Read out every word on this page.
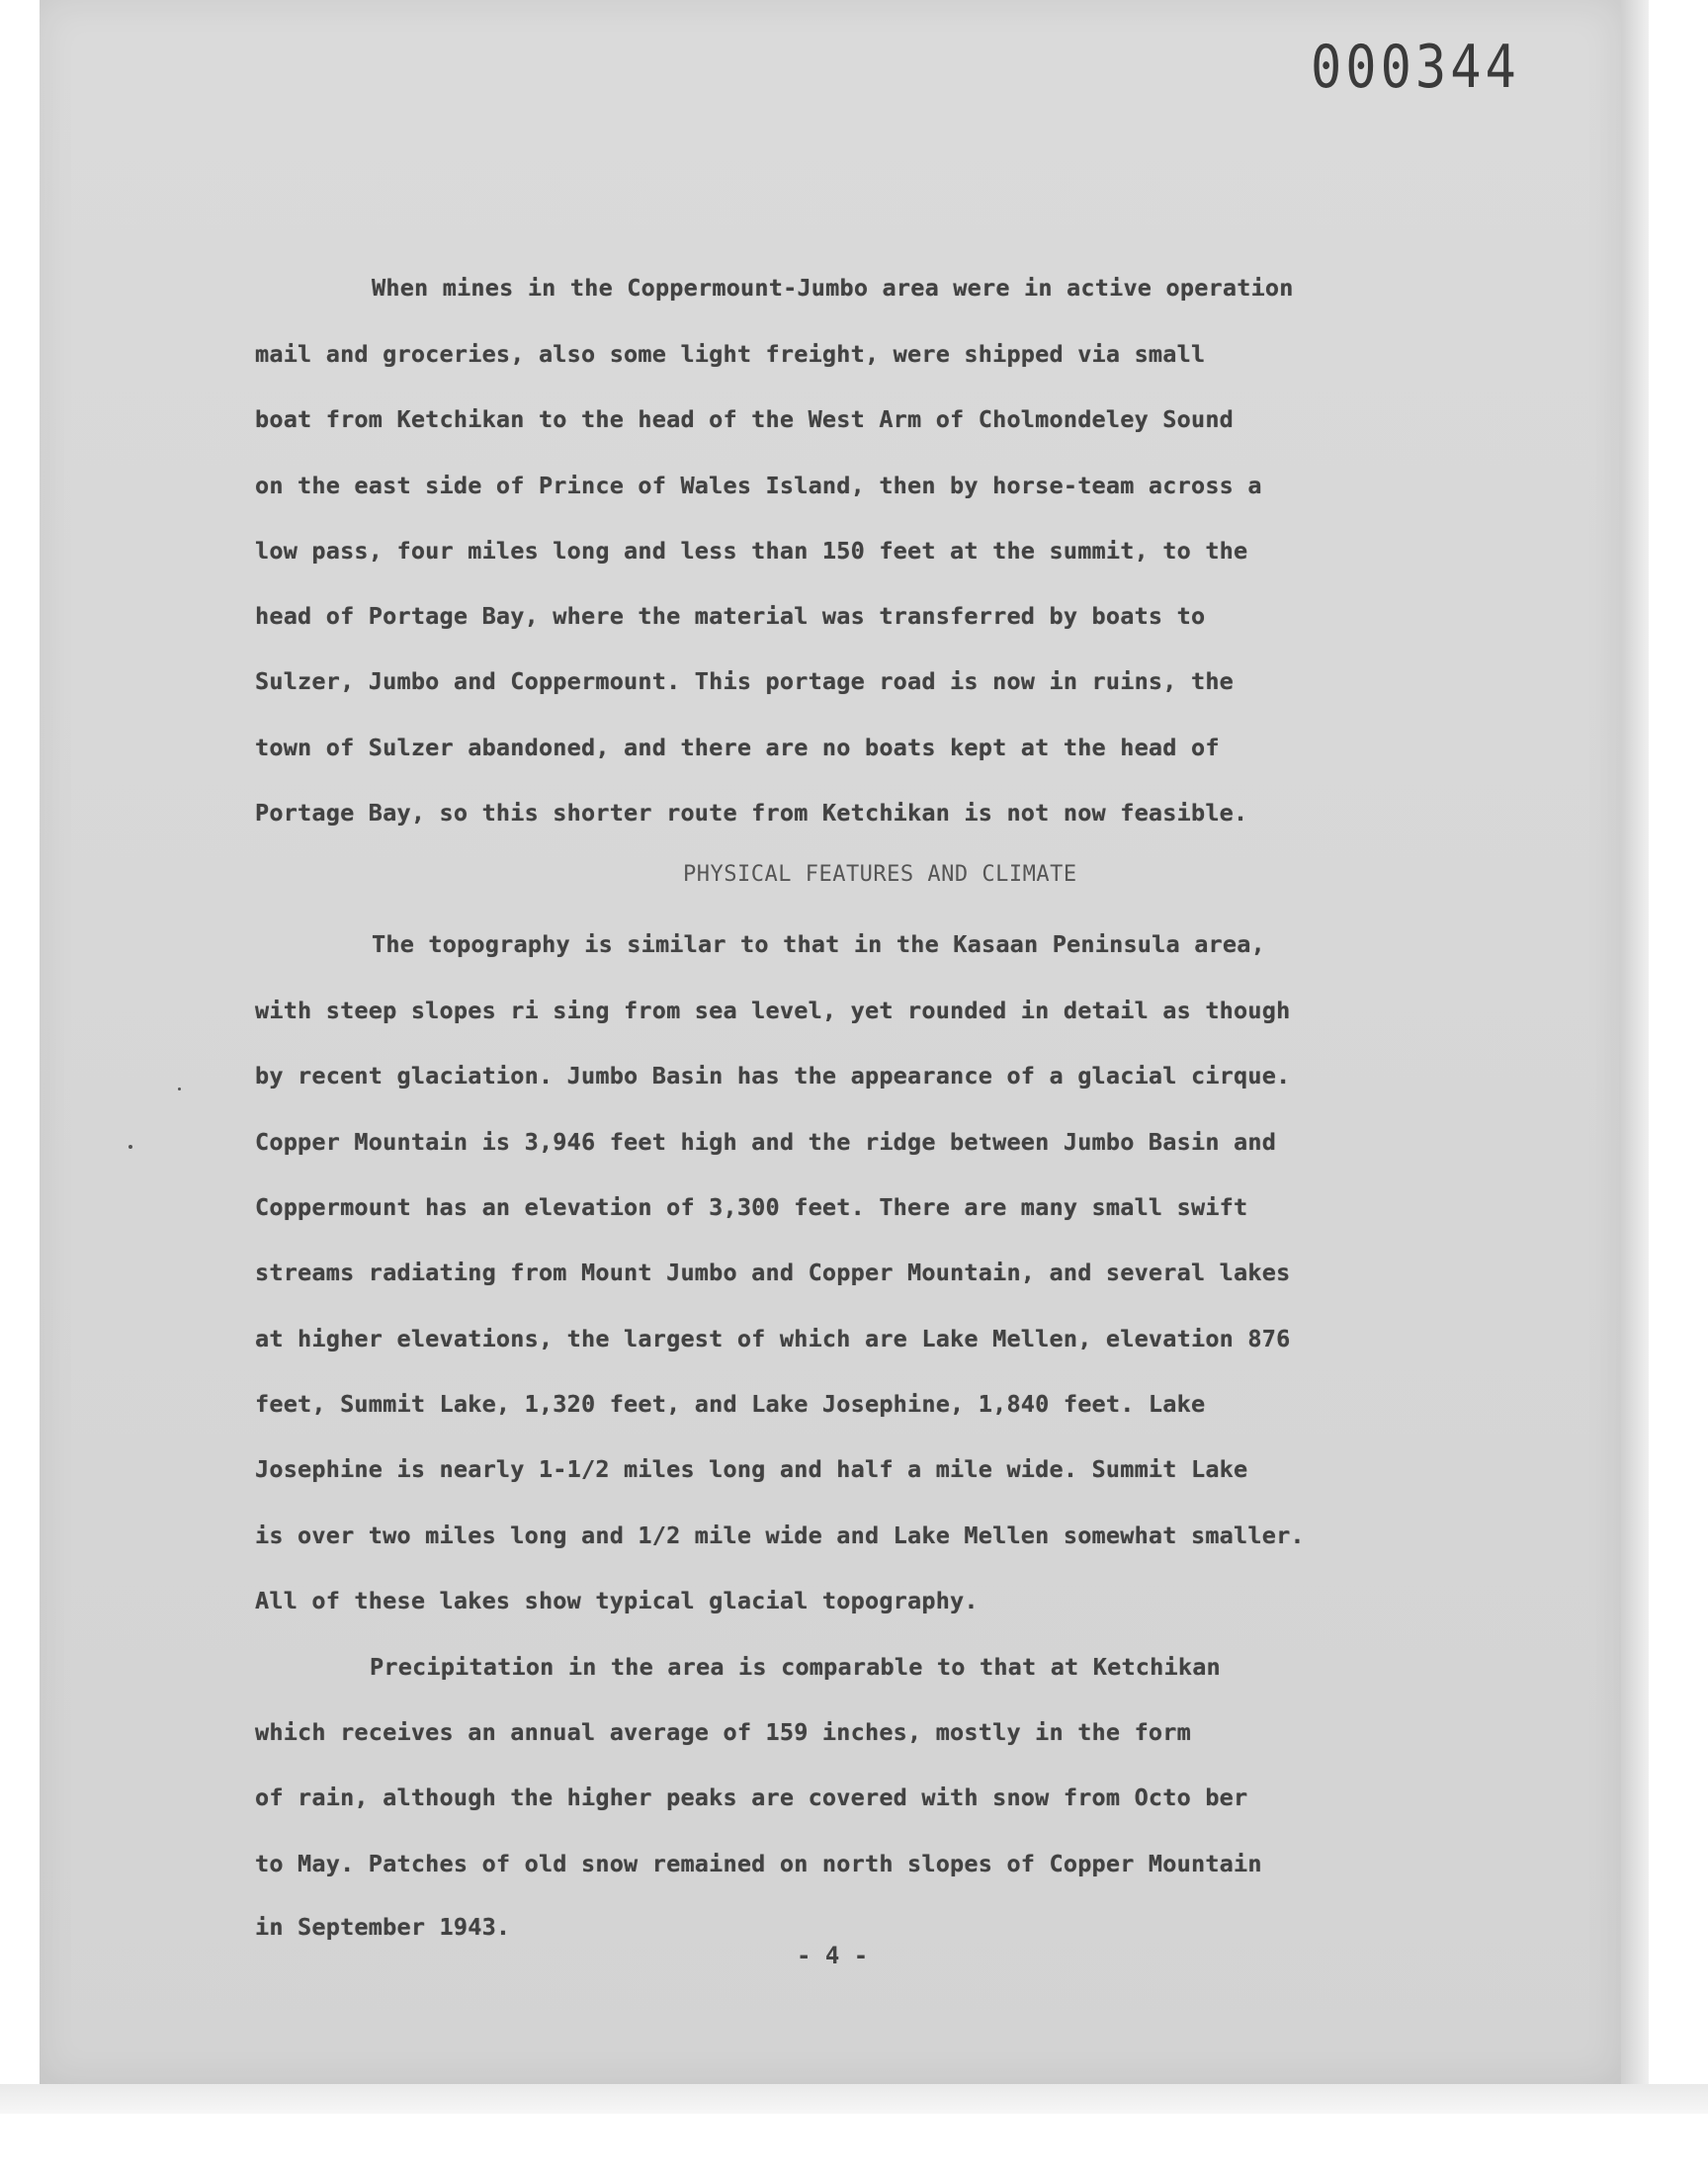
000344
When mines in the Coppermount-Jumbo area were in active operation
mail and groceries, also some light freight, were shipped via small
boat from Ketchikan to the head of the West Arm of Cholmondeley Sound
on the east side of Prince of Wales Island, then by horse-team across a
low pass, four miles long and less than 150 feet at the summit, to the
head of Portage Bay, where the material was transferred by boats to
Sulzer, Jumbo and Coppermount. This portage road is now in ruins, the
town of Sulzer abandoned, and there are no boats kept at the head of
Portage Bay, so this shorter route from Ketchikan is not now feasible.
PHYSICAL FEATURES AND CLIMATE
The topography is similar to that in the Kasaan Peninsula area,
with steep slopes ri sing from sea level, yet rounded in detail as though
by recent glaciation. Jumbo Basin has the appearance of a glacial cirque.
Copper Mountain is 3,946 feet high and the ridge between Jumbo Basin and
Coppermount has an elevation of 3,300 feet. There are many small swift
streams radiating from Mount Jumbo and Copper Mountain, and several lakes
at higher elevations, the largest of which are Lake Mellen, elevation 876
feet, Summit Lake, 1,320 feet, and Lake Josephine, 1,840 feet. Lake
Josephine is nearly 1-1/2 miles long and half a mile wide. Summit Lake
is over two miles long and 1/2 mile wide and Lake Mellen somewhat smaller.
All of these lakes show typical glacial topography.
Precipitation in the area is comparable to that at Ketchikan
which receives an annual average of 159 inches, mostly in the form
of rain, although the higher peaks are covered with snow from Octo ber
to May. Patches of old snow remained on north slopes of Copper Mountain
in September 1943.
- 4 -
